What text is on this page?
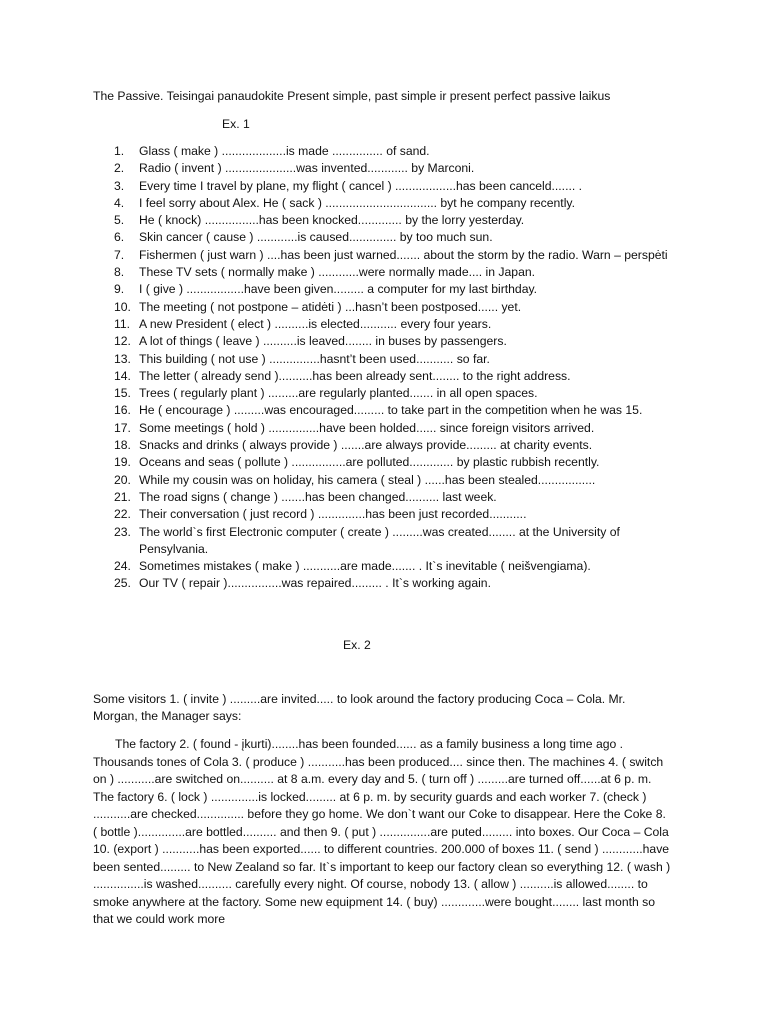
The Passive. Teisingai panaudokite Present simple, past simple ir present perfect passive laikus
Ex. 1
1. Glass ( make ) ...................is made ............... of sand.
2. Radio ( invent ) .....................was invented............ by Marconi.
3. Every time I travel by plane, my flight ( cancel ) ..................has been canceld....... .
4. I feel sorry about Alex. He ( sack ) ................................. byt he company recently.
5. He ( knock) ................has been knocked............. by the lorry yesterday.
6. Skin cancer ( cause ) ............is caused.............. by too much sun.
7. Fishermen ( just warn ) ....has been just warned....... about the storm by the radio. Warn – perspėti
8. These TV sets ( normally make ) ............were normally made.... in Japan.
9. I ( give ) .................have been given......... a computer for my last birthday.
10. The meeting ( not postpone – atidėti ) ...hasn’t been postposed...... yet.
11. A new President ( elect ) ..........is elected........... every four years.
12. A lot of things ( leave ) ..........is leaved........ in buses by passengers.
13. This building ( not use ) ...............hasnt’t been used........... so far.
14. The letter ( already send )..........has been already sent........ to the right address.
15. Trees ( regularly plant ) .........are regularly planted....... in all open spaces.
16. He ( encourage ) .........was encouraged......... to take part in the competition when he was 15.
17. Some meetings ( hold ) ...............have been holded...... since foreign visitors arrived.
18. Snacks and drinks ( always provide ) .......are always provide......... at charity events.
19. Oceans and seas ( pollute ) ................are polluted............. by plastic rubbish recently.
20. While my cousin was on holiday, his camera ( steal ) ......has been stealed.................
21. The road signs ( change ) .......has been changed.......... last week.
22. Their conversation ( just record ) ..............has been just recorded...........
23. The world`s first Electronic computer ( create ) .........was created........ at the University of Pensylvania.
24. Sometimes mistakes ( make ) ...........are made....... . It`s inevitable ( neišvengiama).
25. Our TV ( repair )................was repaired......... . It`s working again.
Ex. 2
Some visitors 1. ( invite ) .........are invited..... to look around the factory producing Coca – Cola. Mr. Morgan, the Manager says:
The factory 2. ( found - įkurti)........has been founded...... as a family business a long time ago . Thousands tones of Cola 3. ( produce ) ...........has been produced.... since then. The machines 4. ( switch on ) ...........are switched on.......... at 8 a.m. every day and 5. ( turn off ) .........are turned off......at 6 p. m. The factory 6. ( lock ) ..............is locked......... at 6 p. m. by security guards and each worker 7. (check ) ...........are checked.............. before they go home. We don`t want our Coke to disappear. Here the Coke 8. ( bottle )..............are bottled.......... and then 9. ( put ) ...............are puted......... into boxes. Our Coca – Cola 10. (export ) ...........has been exported...... to different countries. 200.000 of boxes 11. ( send ) ............have been sented......... to New Zealand so far. It`s important to keep our factory clean so everything 12. ( wash ) ...............is washed.......... carefully every night. Of course, nobody 13. ( allow ) ..........is allowed........ to smoke anywhere at the factory. Some new equipment 14. ( buy) .............were bought........ last month so that we could work more
